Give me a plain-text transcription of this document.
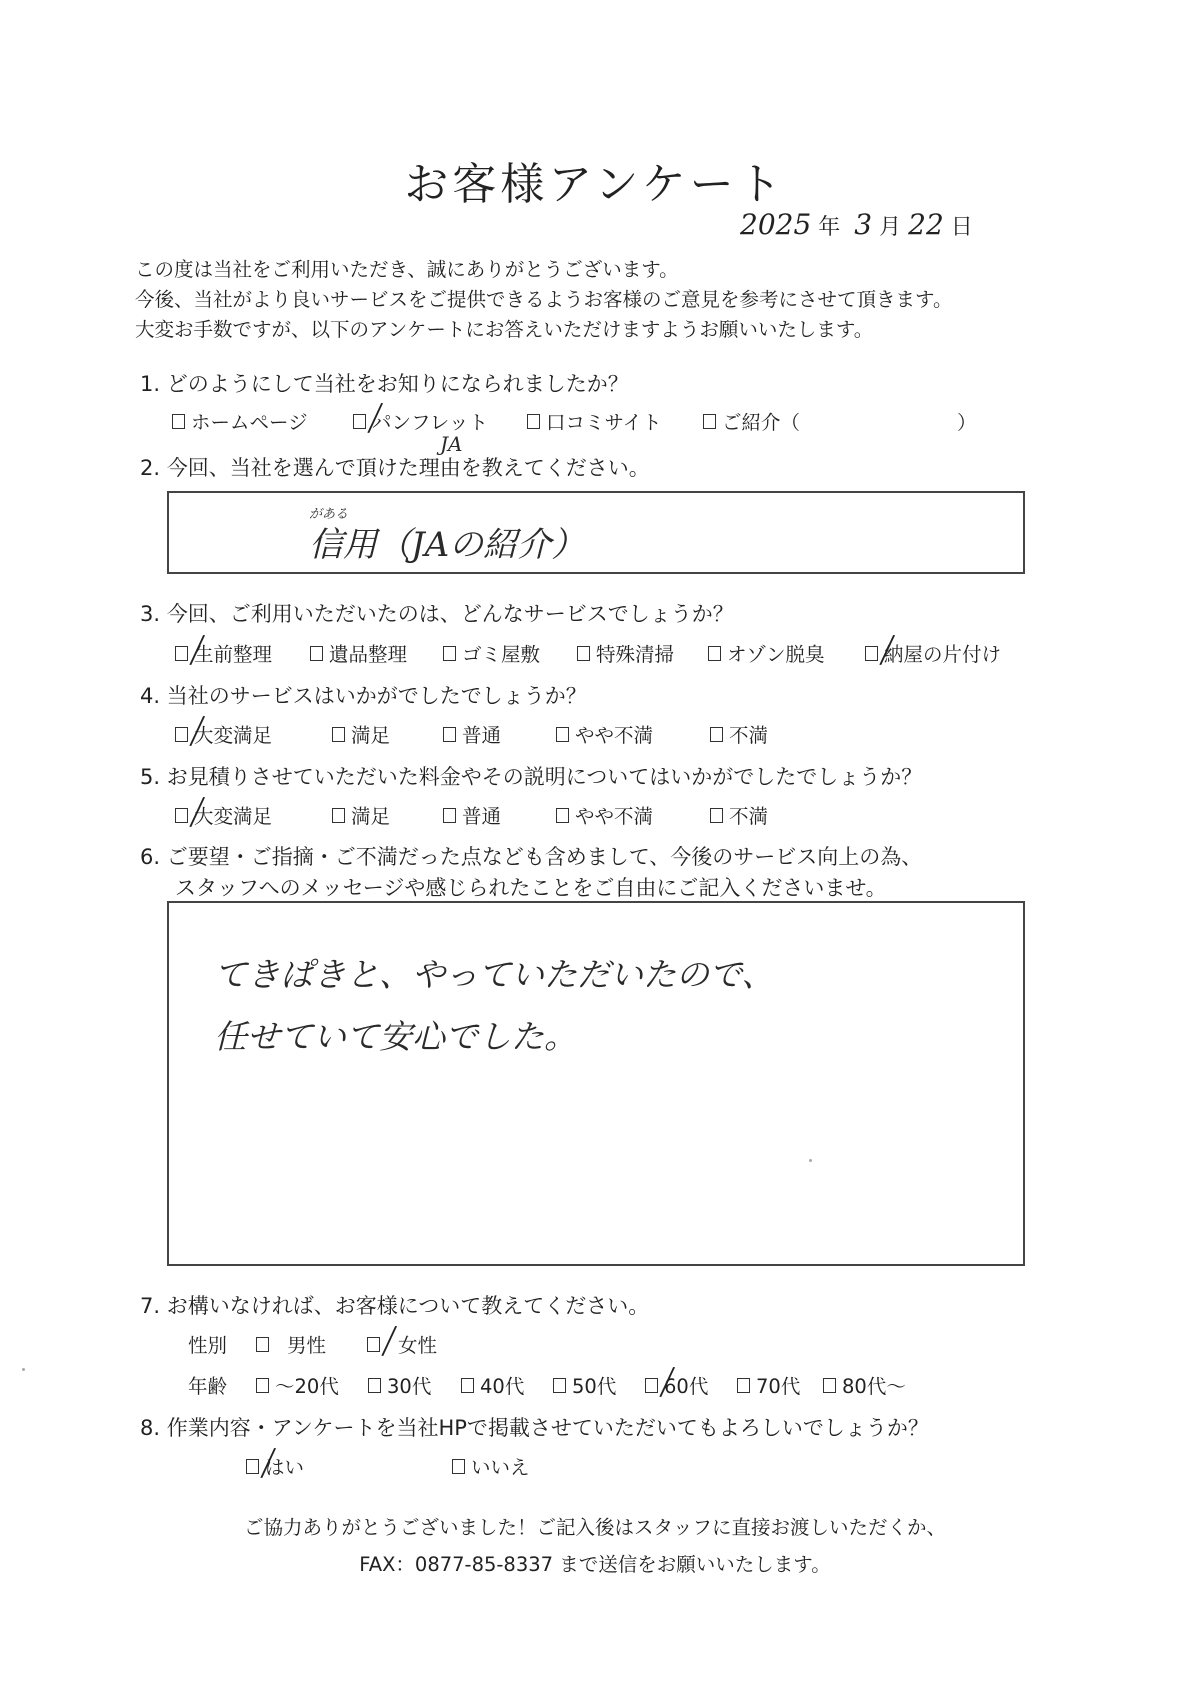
お客様アンケート
2025 年 3 月 22 日
この度は当社をご利用いただき、誠にありがとうございます。
今後、当社がより良いサービスをご提供できるようお客様のご意見を参考にさせて頂きます。
大変お手数ですが、以下のアンケートにお答えいただけますようお願いいたします。
1. どのようにして当社をお知りになられましたか？
ホームページ	パンフレット	口コミサイト	ご紹介（	）
JA
2. 今回、当社を選んで頂けた理由を教えてください。
がある
信用（JAの紹介）
3. 今回、ご利用いただいたのは、どんなサービスでしょうか？
生前整理	遺品整理	ゴミ屋敷	特殊清掃	オゾン脱臭	納屋の片付け
4. 当社のサービスはいかがでしたでしょうか？
大変満足	満足	普通	やや不満	不満
5. お見積りさせていただいた料金やその説明についてはいかがでしたでしょうか？
大変満足	満足	普通	やや不満	不満
6. ご要望・ご指摘・ご不満だった点なども含めまして、今後のサービス向上の為、
スタッフへのメッセージや感じられたことをご自由にご記入くださいませ。
てきぱきと、やっていただいたので、
任せていて安心でした。
7. お構いなければ、お客様について教えてください。
性別	男性	女性
年齢 ～20代 30代 40代 50代 60代 70代 80代～
8. 作業内容・アンケートを当社HPで掲載させていただいてもよろしいでしょうか？
はい	いいえ
ご協力ありがとうございました！ご記入後はスタッフに直接お渡しいただくか、
FAX：0877-85-8337 まで送信をお願いいたします。
